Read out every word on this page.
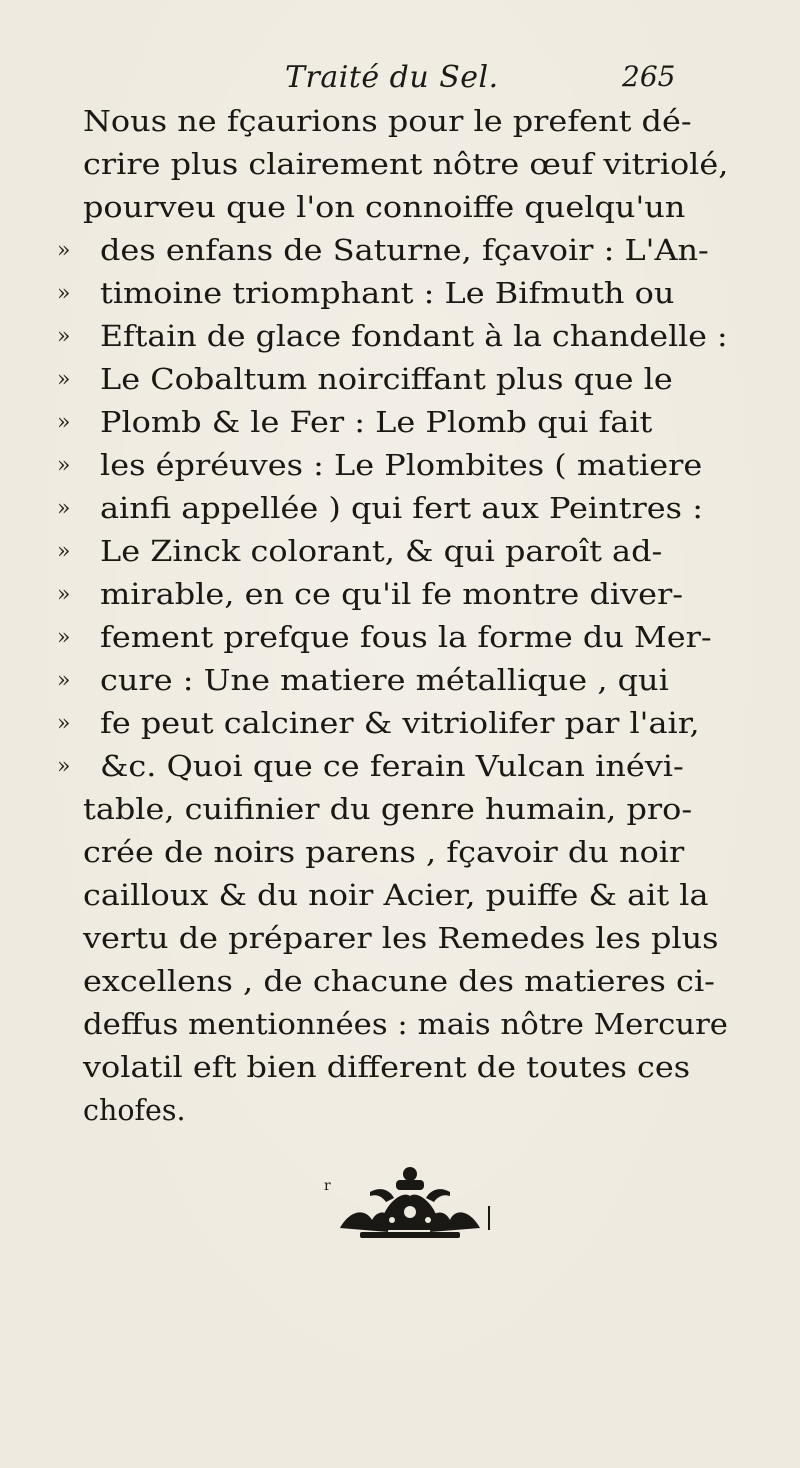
Traité du Sel.	265
Nous ne fçaurions pour le prefent dé-
crire plus clairement nôtre œuf vitriolé,
pourveu que l'on connoiffe quelqu'un
»	des enfans de Saturne, fçavoir : L'An-
»	timoine triomphant : Le Bifmuth ou
»	Eftain de glace fondant à la chandelle :
»	Le Cobaltum noirciffant plus que le
»	Plomb & le Fer : Le Plomb qui fait
»	les épréuves : Le Plombites ( matiere
»	ainfi appellée ) qui fert aux Peintres :
»	Le Zinck colorant, & qui paroît ad-
»	mirable, en ce qu'il fe montre diver-
»	fement prefque fous la forme du Mer-
»	cure : Une matiere métallique , qui
»	fe peut calciner & vitriolifer par l'air,
»	&c. Quoi que ce ferain Vulcan inévi-
table, cuifinier du genre humain, pro-
crée de noirs parens , fçavoir du noir
cailloux & du noir Acier, puiffe & ait la
vertu de préparer les Remedes les plus
excellens , de chacune des matieres ci-
deffus mentionnées : mais nôtre Mercure
volatil eft bien different de toutes ces
chofes.
r
